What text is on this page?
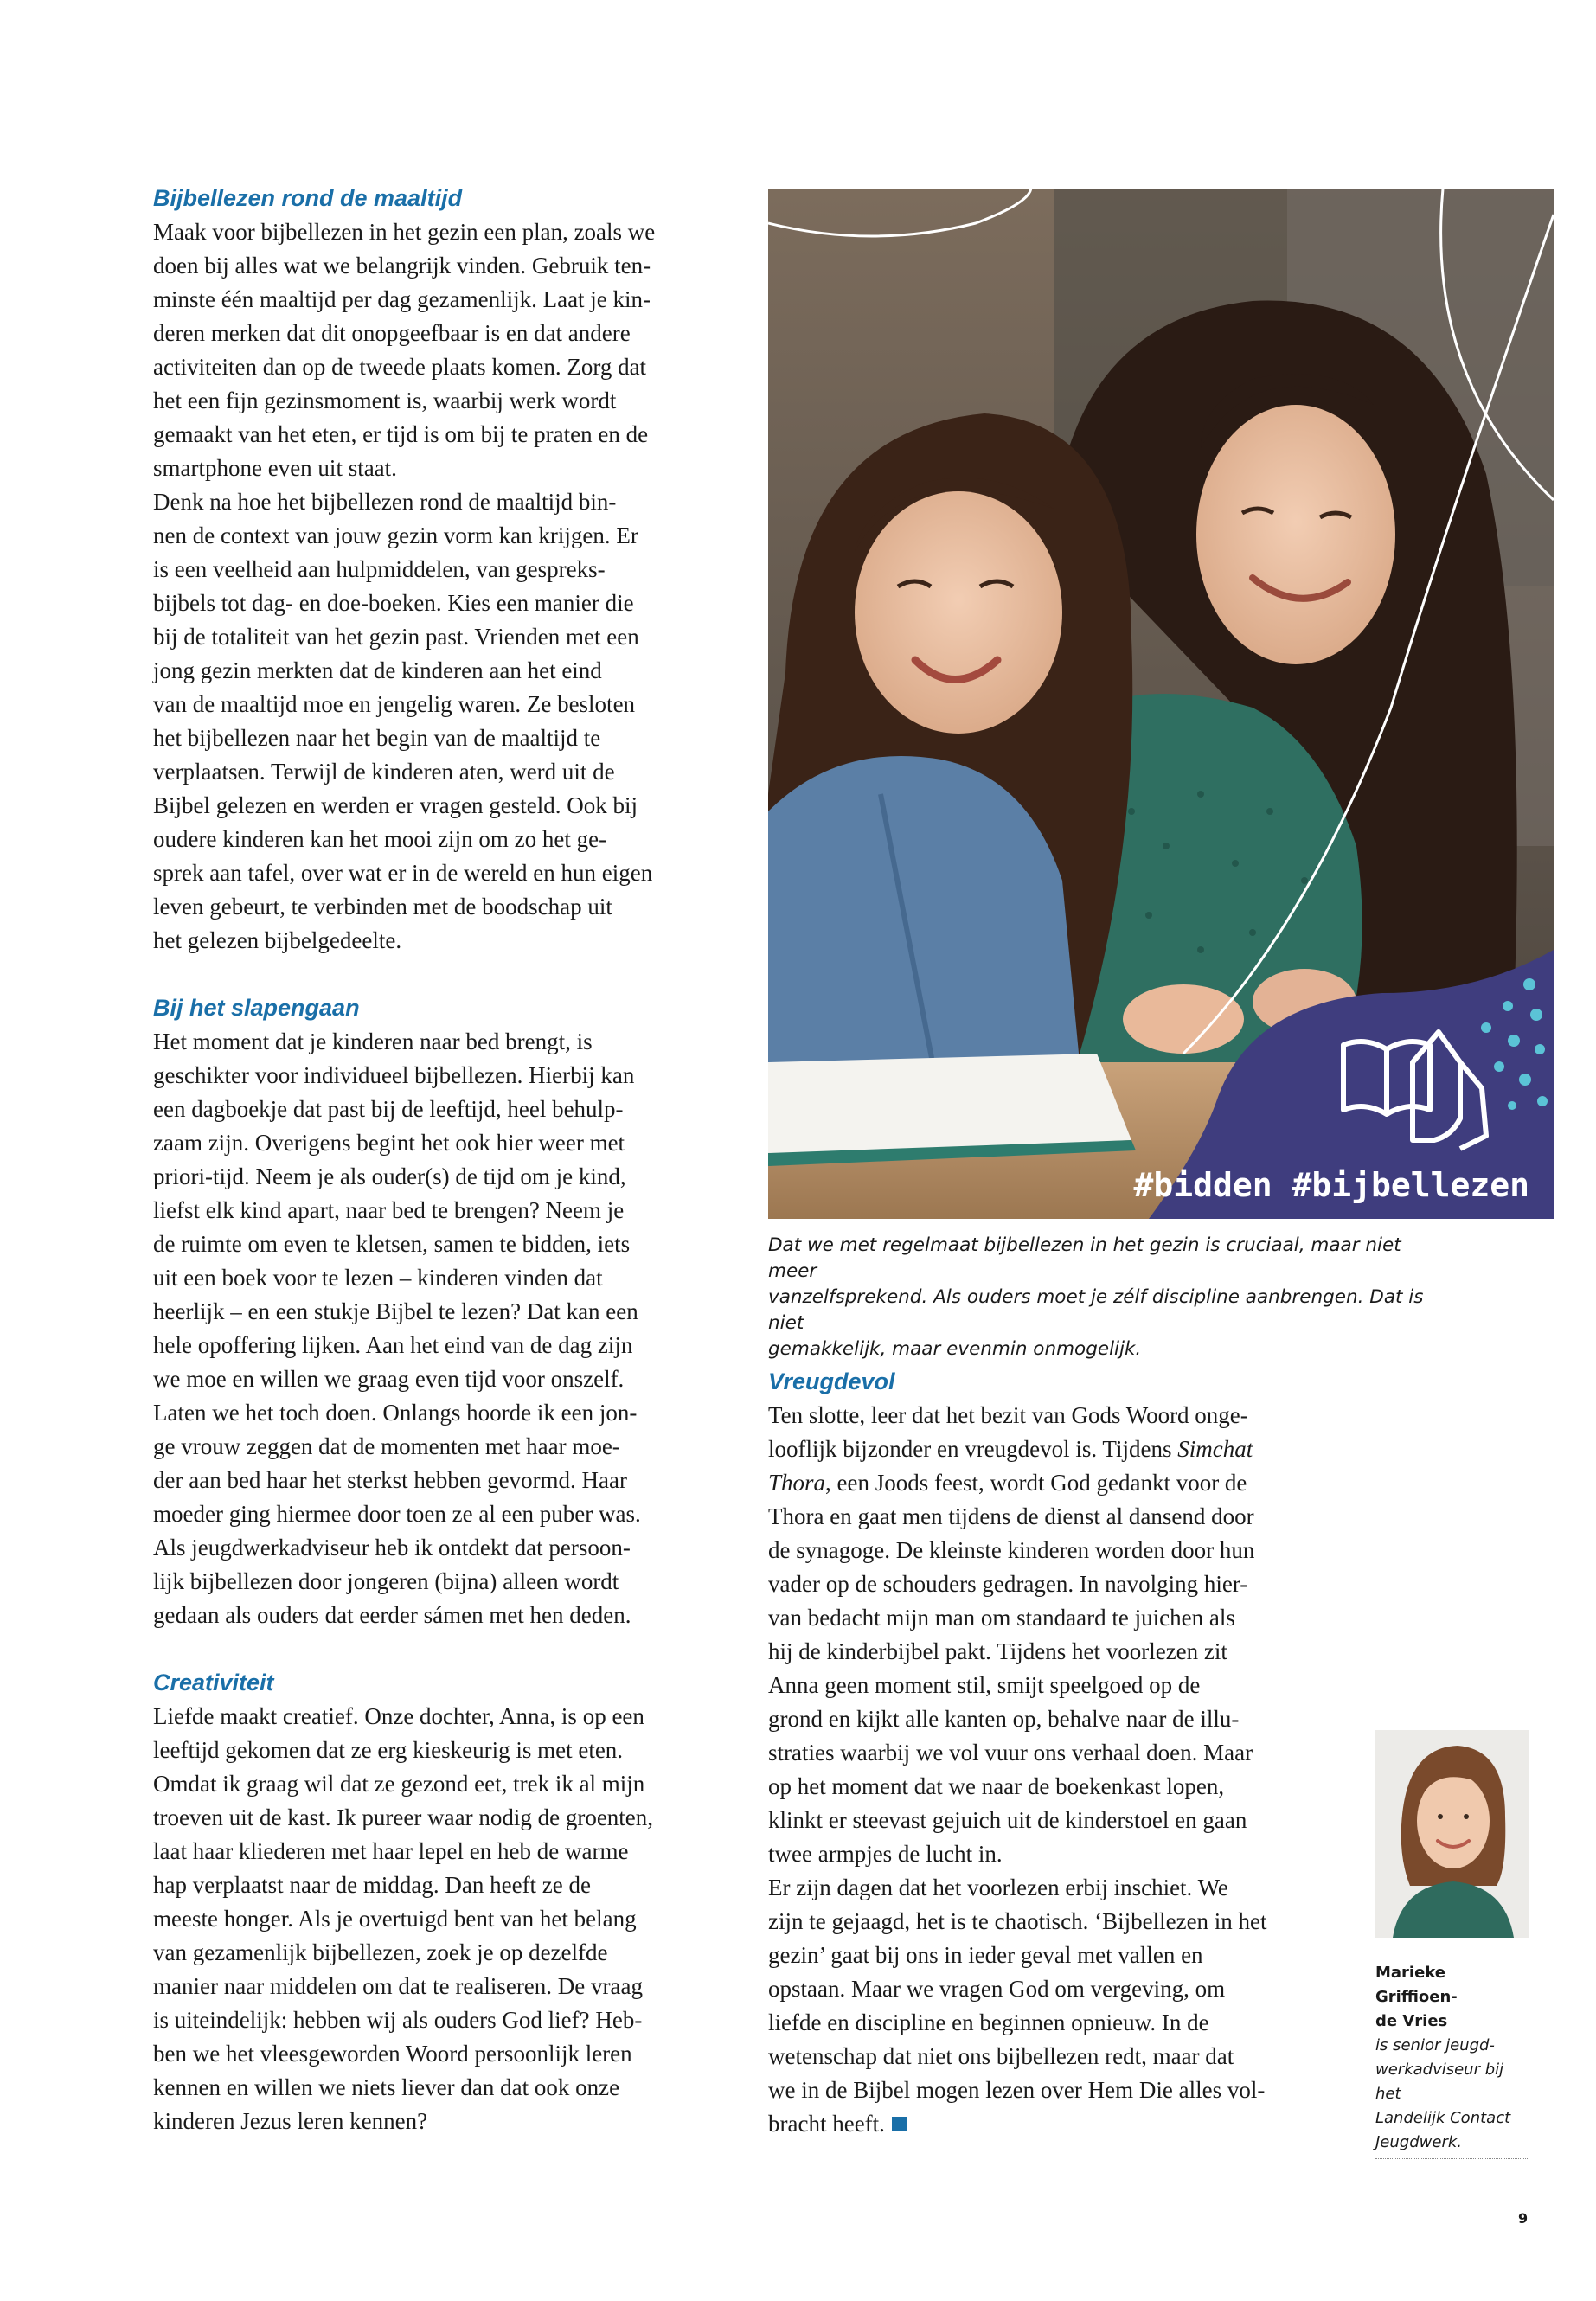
Bijbellezen rond de maaltijd

Maak voor bijbellezen in het gezin een plan, zoals we
doen bij alles wat we belangrijk vinden. Gebruik ten-
minste één maaltijd per dag gezamenlijk. Laat je kin-
deren merken dat dit onopgeefbaar is en dat andere
activiteiten dan op de tweede plaats komen. Zorg dat
het een fijn gezinsmoment is, waarbij werk wordt
gemaakt van het eten, er tijd is om bij te praten en de
smartphone even uit staat.

Denk na hoe het bijbellezen rond de maaltijd bin-
nen de context van jouw gezin vorm kan krijgen. Er
is een veelheid aan hulpmiddelen, van gespreks-
bijbels tot dag- en doe-boeken. Kies een manier die
bij de totaliteit van het gezin past. Vrienden met een
jong gezin merkten dat de kinderen aan het eind
van de maaltijd moe en jengelig waren. Ze besloten
het bijbellezen naar het begin van de maaltijd te
verplaatsen. Terwijl de kinderen aten, werd uit de
Bijbel gelezen en werden er vragen gesteld. Ook bij
oudere kinderen kan het mooi zijn om zo het ge-
sprek aan tafel, over wat er in de wereld en hun eigen
leven gebeurt, te verbinden met de boodschap uit
het gelezen bijbelgedeelte.

Bij het slapengaan

Het moment dat je kinderen naar bed brengt, is
geschikter voor individueel bijbellezen. Hierbij kan
een dagboekje dat past bij de leeftijd, heel behulp-
zaam zijn. Overigens begint het ook hier weer met
priori-tijd. Neem je als ouder(s) de tijd om je kind,
liefst elk kind apart, naar bed te brengen? Neem je
de ruimte om even te kletsen, samen te bidden, iets
uit een boek voor te lezen – kinderen vinden dat
heerlijk – en een stukje Bijbel te lezen? Dat kan een
hele opoffering lijken. Aan het eind van de dag zijn
we moe en willen we graag even tijd voor onszelf.
Laten we het toch doen. Onlangs hoorde ik een jon-
ge vrouw zeggen dat de momenten met haar moe-
der aan bed haar het sterkst hebben gevormd. Haar
moeder ging hiermee door toen ze al een puber was.
Als jeugdwerkadviseur heb ik ontdekt dat persoon-
lijk bijbellezen door jongeren (bijna) alleen wordt
gedaan als ouders dat eerder sámen met hen deden.

Creativiteit

Liefde maakt creatief. Onze dochter, Anna, is op een
leeftijd gekomen dat ze erg kieskeurig is met eten.
Omdat ik graag wil dat ze gezond eet, trek ik al mijn
troeven uit de kast. Ik pureer waar nodig de groenten,
laat haar kliederen met haar lepel en heb de warme
hap verplaatst naar de middag. Dan heeft ze de
meeste honger. Als je overtuigd bent van het belang
van gezamenlijk bijbellezen, zoek je op dezelfde
manier naar middelen om dat te realiseren. De vraag
is uiteindelijk: hebben wij als ouders God lief? Heb-
ben we het vleesgeworden Woord persoonlijk leren
kennen en willen we niets liever dan dat ook onze
kinderen Jezus leren kennen?

#bidden #bijbellezen
Dat we met regelmaat bijbellezen in het gezin is cruciaal, maar niet meer
vanzelfsprekend. Als ouders moet je zélf discipline aanbrengen. Dat is niet
gemakkelijk, maar evenmin onmogelijk.

Vreugdevol

Ten slotte, leer dat het bezit van Gods Woord onge-
looflijk bijzonder en vreugdevol is. Tijdens Simchat
Thora, een Joods feest, wordt God gedankt voor de
Thora en gaat men tijdens de dienst al dansend door
de synagoge. De kleinste kinderen worden door hun
vader op de schouders gedragen. In navolging hier-
van bedacht mijn man om standaard te juichen als
hij de kinderbijbel pakt. Tijdens het voorlezen zit
Anna geen moment stil, smijt speelgoed op de
grond en kijkt alle kanten op, behalve naar de illu-
straties waarbij we vol vuur ons verhaal doen. Maar
op het moment dat we naar de boekenkast lopen,
klinkt er steevast gejuich uit de kinderstoel en gaan
twee armpjes de lucht in.
Er zijn dagen dat het voorlezen erbij inschiet. We
zijn te gejaagd, het is te chaotisch. ‘Bijbellezen in het
gezin’ gaat bij ons in ieder geval met vallen en
opstaan. Maar we vragen God om vergeving, om
liefde en discipline en beginnen opnieuw. In de
wetenschap dat niet ons bijbellezen redt, maar dat
we in de Bijbel mogen lezen over Hem Die alles vol-
bracht heeft.

Marieke Griffioen-
de Vries
is senior jeugd-
werkadviseur bij het
Landelijk Contact
Jeugdwerk.
9
